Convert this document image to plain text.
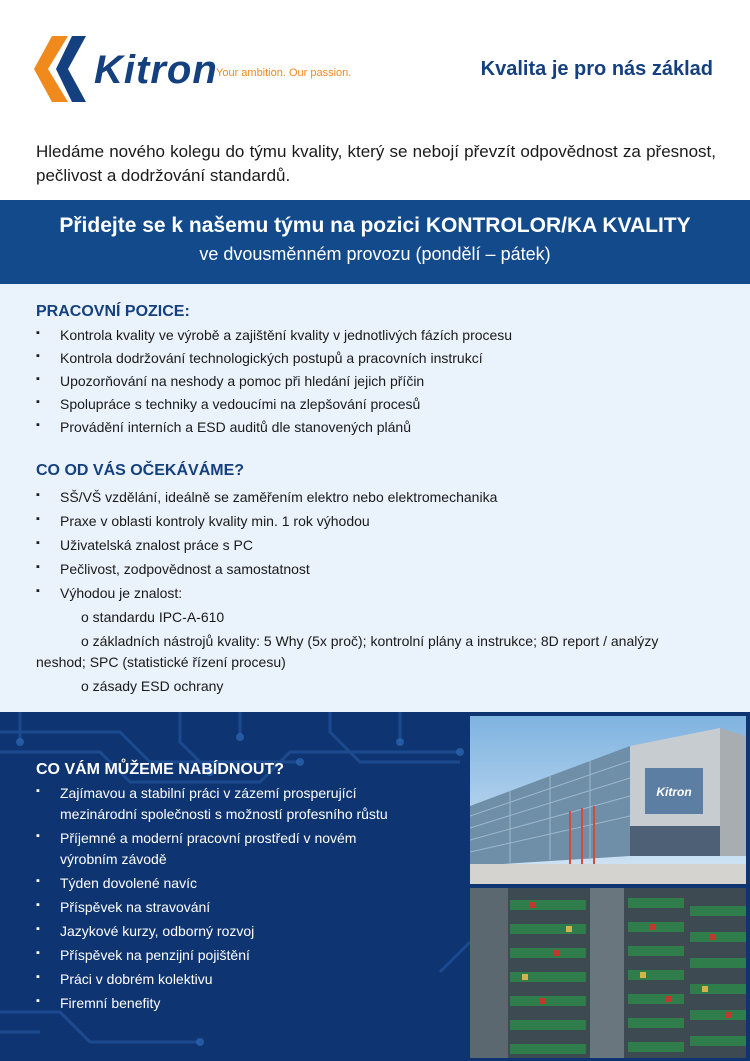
Kitron
Your ambition. Our passion.	Kvalita je pro nás základ
Hledáme nového kolegu do týmu kvality, který se nebojí převzít odpovědnost za přesnost, pečlivost a dodržování standardů.
Přidejte se k našemu týmu na pozici KONTROLOR/KA KVALITY
ve dvousměnném provozu (pondělí – pátek)
PRACOVNÍ POZICE:
▪ Kontrola kvality ve výrobě a zajištění kvality v jednotlivých fázích procesu
▪ Kontrola dodržování technologických postupů a pracovních instrukcí
▪ Upozorňování na neshody a pomoc při hledání jejich příčin
▪ Spolupráce s techniky a vedoucími na zlepšování procesů
▪ Provádění interních a ESD auditů dle stanovených plánů
CO OD VÁS OČEKÁVÁME?
▪ SŠ/VŠ vzdělání, ideálně se zaměřením elektro nebo elektromechanika
▪ Praxe v oblasti kontroly kvality min. 1 rok výhodou
▪ Uživatelská znalost práce s PC
▪ Pečlivost, zodpovědnost a samostatnost
▪ Výhodou je znalost:
o standardu IPC-A-610
o základních nástrojů kvality: 5 Why (5x proč); kontrolní plány a instrukce; 8D report / analýzy
neshod; SPC (statistické řízení procesu)
o zásady ESD ochrany
CO VÁM MŮŽEME NABÍDNOUT?
▪ Zajímavou a stabilní práci v zázemí prosperující
mezinárodní společnosti s možností profesního růstu
▪ Příjemné a moderní pracovní prostředí v novém
výrobním závodě
▪ Týden dovolené navíc
▪ Příspěvek na stravování
▪ Jazykové kurzy, odborný rozvoj
▪ Příspěvek na penzijní pojištění
▪ Práci v dobrém kolektivu
▪ Firemní benefity
Kitron
